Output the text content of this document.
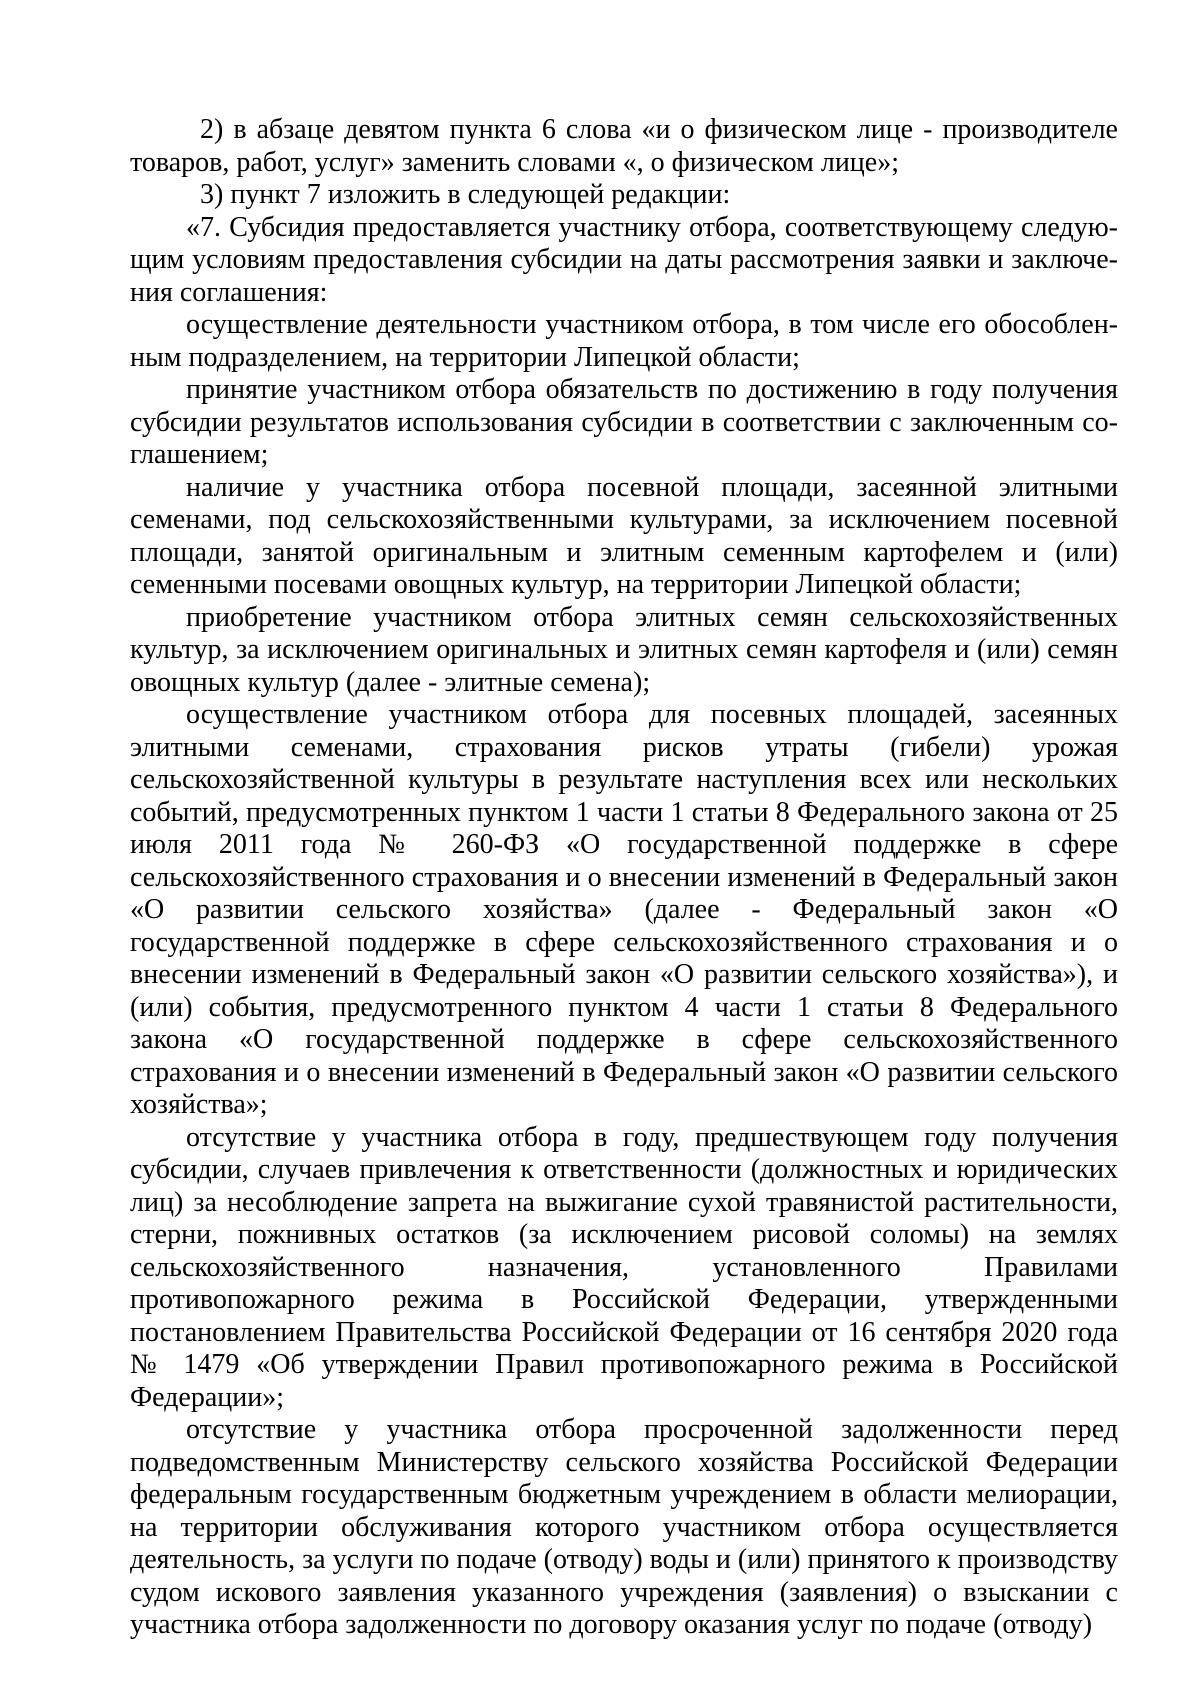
2) в абзаце девятом пункта 6 слова «и о физическом лице - производителе товаров, работ, услуг» заменить словами «, о физическом лице»;

3) пункт 7 изложить в следующей редакции:

«7. Субсидия предоставляется участнику отбора, соответствующему следующим условиям предоставления субсидии на даты рассмотрения заявки и заключения соглашения:

осуществление деятельности участником отбора, в том числе его обособленным подразделением, на территории Липецкой области;

принятие участником отбора обязательств по достижению в году получения субсидии результатов использования субсидии в соответствии с заключенным соглашением;

наличие у участника отбора посевной площади, засеянной элитными семенами, под сельскохозяйственными культурами, за исключением посевной площади, занятой оригинальным и элитным семенным картофелем и (или) семенными посевами овощных культур, на территории Липецкой области;

приобретение участником отбора элитных семян сельскохозяйственных культур, за исключением оригинальных и элитных семян картофеля и (или) семян овощных культур (далее - элитные семена);

осуществление участником отбора для посевных площадей, засеянных элитными семенами, страхования рисков утраты (гибели) урожая сельскохозяйственной культуры в результате наступления всех или нескольких событий, предусмотренных пунктом 1 части 1 статьи 8 Федерального закона от 25 июля 2011 года № 260-ФЗ «О государственной поддержке в сфере сельскохозяйственного страхования и о внесении изменений в Федеральный закон «О развитии сельского хозяйства» (далее - Федеральный закон «О государственной поддержке в сфере сельскохозяйственного страхования и о внесении изменений в Федеральный закон «О развитии сельского хозяйства»), и (или) события, предусмотренного пунктом 4 части 1 статьи 8 Федерального закона «О государственной поддержке в сфере сельскохозяйственного страхования и о внесении изменений в Федеральный закон «О развитии сельского хозяйства»;

отсутствие у участника отбора в году, предшествующем году получения субсидии, случаев привлечения к ответственности (должностных и юридических лиц) за несоблюдение запрета на выжигание сухой травянистой растительности, стерни, пожнивных остатков (за исключением рисовой соломы) на землях сельскохозяйственного назначения, установленного Правилами противопожарного режима в Российской Федерации, утвержденными постановлением Правительства Российской Федерации от 16 сентября 2020 года № 1479 «Об утверждении Правил противопожарного режима в Российской Федерации»;

отсутствие у участника отбора просроченной задолженности перед подведомственным Министерству сельского хозяйства Российской Федерации федеральным государственным бюджетным учреждением в области мелиорации, на территории обслуживания которого участником отбора осуществляется деятельность, за услуги по подаче (отводу) воды и (или) принятого к производству судом искового заявления указанного учреждения (заявления) о взыскании с участника отбора задолженности по договору оказания услуг по подаче (отводу)
